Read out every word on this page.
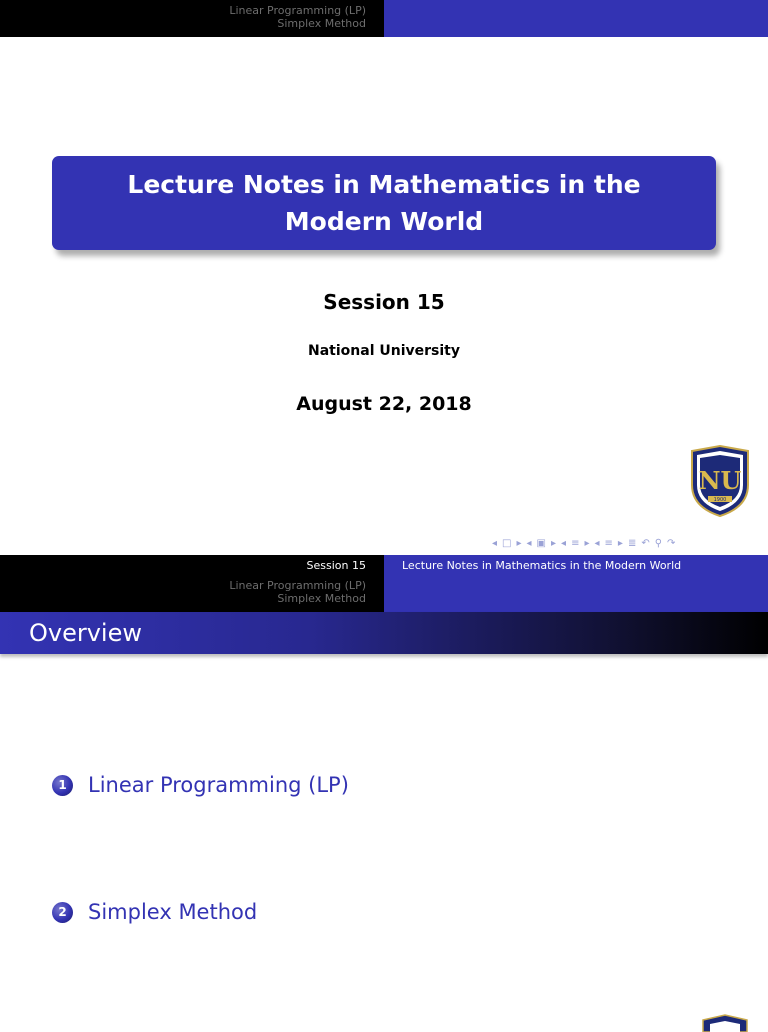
Linear Programming (LP)
Simplex Method
Lecture Notes in Mathematics in the Modern World
Session 15
National University
August 22, 2018
NU
1900
◂ □ ▸ ◂ ▣ ▸ ◂ ≡ ▸ ◂ ≡ ▸ ≣ ↶ ⚲ ↷
Session 15
Linear Programming (LP)
Simplex Method
Lecture Notes in Mathematics in the Modern World
Overview
1	Linear Programming (LP)
2	Simplex Method
